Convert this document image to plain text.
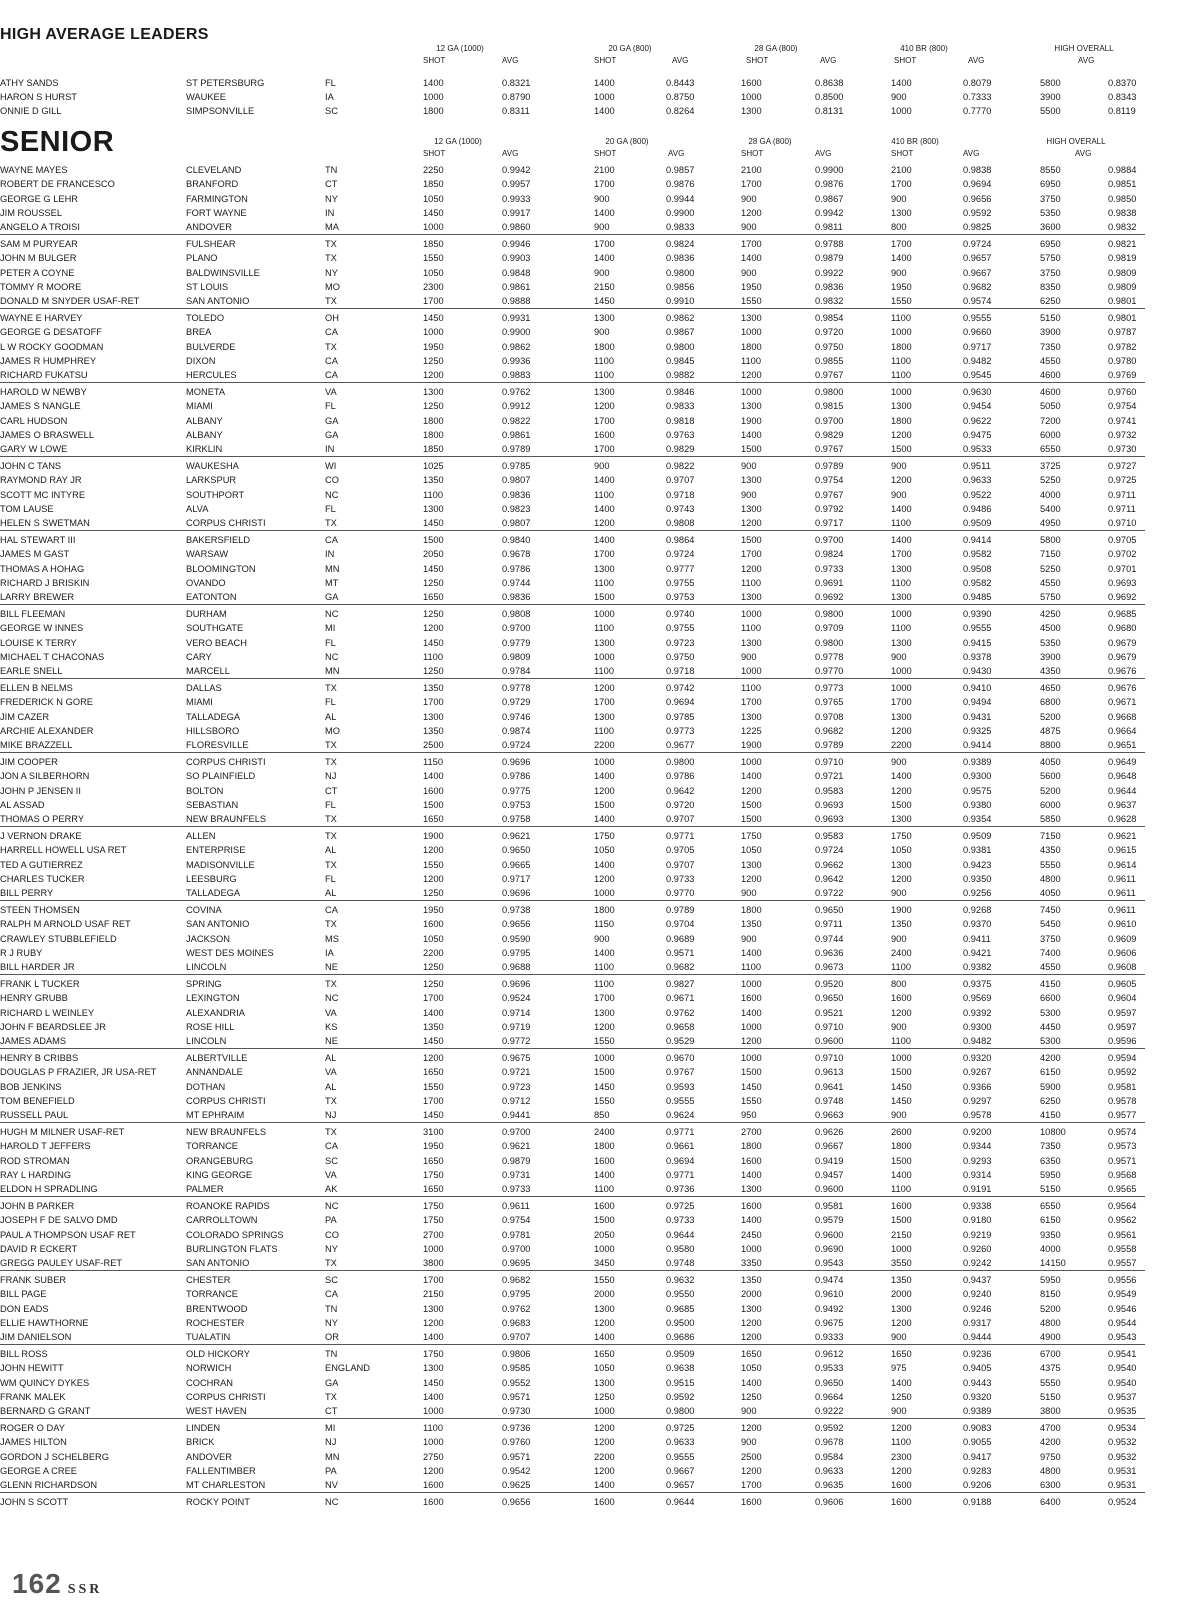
HIGH AVERAGE LEADERS
12 GA (1000)	20 GA (800)	28 GA (800)	410 BR (800)	HIGH OVERALL
SHOT	AVG	SHOT	AVG	SHOT	AVG	SHOT	AVG	AVG
ATHY SANDS	ST PETERSBURG	FL	1400	0.8321	1400	0.8443	1600	0.8638	1400	0.8079	5800	0.8370
HARON S HURST	WAUKEE	IA	1000	0.8790	1000	0.8750	1000	0.8500	900	0.7333	3900	0.8343
ONNIE D GILL	SIMPSONVILLE	SC	1800	0.8311	1400	0.8264	1300	0.8131	1000	0.7770	5500	0.8119
SENIOR	12 GA (1000)	20 GA (800)	28 GA (800)	410 BR (800)	HIGH OVERALL
SHOT	AVG	SHOT	AVG	SHOT	AVG	SHOT	AVG	AVG
WAYNE MAYES	CLEVELAND	TN	2250	0.9942	2100	0.9857	2100	0.9900	2100	0.9838	8550	0.9884
ROBERT DE FRANCESCO	BRANFORD	CT	1850	0.9957	1700	0.9876	1700	0.9876	1700	0.9694	6950	0.9851
GEORGE G LEHR	FARMINGTON	NY	1050	0.9933	900	0.9944	900	0.9867	900	0.9656	3750	0.9850
JIM ROUSSEL	FORT WAYNE	IN	1450	0.9917	1400	0.9900	1200	0.9942	1300	0.9592	5350	0.9838
ANGELO A TROISI	ANDOVER	MA	1000	0.9860	900	0.9833	900	0.9811	800	0.9825	3600	0.9832
SAM M PURYEAR	FULSHEAR	TX	1850	0.9946	1700	0.9824	1700	0.9788	1700	0.9724	6950	0.9821
JOHN M BULGER	PLANO	TX	1550	0.9903	1400	0.9836	1400	0.9879	1400	0.9657	5750	0.9819
PETER A COYNE	BALDWINSVILLE	NY	1050	0.9848	900	0.9800	900	0.9922	900	0.9667	3750	0.9809
TOMMY R MOORE	ST LOUIS	MO	2300	0.9861	2150	0.9856	1950	0.9836	1950	0.9682	8350	0.9809
DONALD M SNYDER USAF-RET	SAN ANTONIO	TX	1700	0.9888	1450	0.9910	1550	0.9832	1550	0.9574	6250	0.9801
WAYNE E HARVEY	TOLEDO	OH	1450	0.9931	1300	0.9862	1300	0.9854	1100	0.9555	5150	0.9801
GEORGE G DESATOFF	BREA	CA	1000	0.9900	900	0.9867	1000	0.9720	1000	0.9660	3900	0.9787
L W ROCKY GOODMAN	BULVERDE	TX	1950	0.9862	1800	0.9800	1800	0.9750	1800	0.9717	7350	0.9782
JAMES R HUMPHREY	DIXON	CA	1250	0.9936	1100	0.9845	1100	0.9855	1100	0.9482	4550	0.9780
RICHARD FUKATSU	HERCULES	CA	1200	0.9883	1100	0.9882	1200	0.9767	1100	0.9545	4600	0.9769
HAROLD W NEWBY	MONETA	VA	1300	0.9762	1300	0.9846	1000	0.9800	1000	0.9630	4600	0.9760
JAMES S NANGLE	MIAMI	FL	1250	0.9912	1200	0.9833	1300	0.9815	1300	0.9454	5050	0.9754
CARL HUDSON	ALBANY	GA	1800	0.9822	1700	0.9818	1900	0.9700	1800	0.9622	7200	0.9741
JAMES O BRASWELL	ALBANY	GA	1800	0.9861	1600	0.9763	1400	0.9829	1200	0.9475	6000	0.9732
GARY W LOWE	KIRKLIN	IN	1850	0.9789	1700	0.9829	1500	0.9767	1500	0.9533	6550	0.9730
JOHN C TANS	WAUKESHA	WI	1025	0.9785	900	0.9822	900	0.9789	900	0.9511	3725	0.9727
RAYMOND RAY JR	LARKSPUR	CO	1350	0.9807	1400	0.9707	1300	0.9754	1200	0.9633	5250	0.9725
SCOTT MC INTYRE	SOUTHPORT	NC	1100	0.9836	1100	0.9718	900	0.9767	900	0.9522	4000	0.9711
TOM LAUSE	ALVA	FL	1300	0.9823	1400	0.9743	1300	0.9792	1400	0.9486	5400	0.9711
HELEN S SWETMAN	CORPUS CHRISTI	TX	1450	0.9807	1200	0.9808	1200	0.9717	1100	0.9509	4950	0.9710
HAL STEWART III	BAKERSFIELD	CA	1500	0.9840	1400	0.9864	1500	0.9700	1400	0.9414	5800	0.9705
JAMES M GAST	WARSAW	IN	2050	0.9678	1700	0.9724	1700	0.9824	1700	0.9582	7150	0.9702
THOMAS A HOHAG	BLOOMINGTON	MN	1450	0.9786	1300	0.9777	1200	0.9733	1300	0.9508	5250	0.9701
RICHARD J BRISKIN	OVANDO	MT	1250	0.9744	1100	0.9755	1100	0.9691	1100	0.9582	4550	0.9693
LARRY BREWER	EATONTON	GA	1650	0.9836	1500	0.9753	1300	0.9692	1300	0.9485	5750	0.9692
BILL FLEEMAN	DURHAM	NC	1250	0.9808	1000	0.9740	1000	0.9800	1000	0.9390	4250	0.9685
GEORGE W INNES	SOUTHGATE	MI	1200	0.9700	1100	0.9755	1100	0.9709	1100	0.9555	4500	0.9680
LOUISE K TERRY	VERO BEACH	FL	1450	0.9779	1300	0.9723	1300	0.9800	1300	0.9415	5350	0.9679
MICHAEL T CHACONAS	CARY	NC	1100	0.9809	1000	0.9750	900	0.9778	900	0.9378	3900	0.9679
EARLE SNELL	MARCELL	MN	1250	0.9784	1100	0.9718	1000	0.9770	1000	0.9430	4350	0.9676
ELLEN B NELMS	DALLAS	TX	1350	0.9778	1200	0.9742	1100	0.9773	1000	0.9410	4650	0.9676
FREDERICK N GORE	MIAMI	FL	1700	0.9729	1700	0.9694	1700	0.9765	1700	0.9494	6800	0.9671
JIM CAZER	TALLADEGA	AL	1300	0.9746	1300	0.9785	1300	0.9708	1300	0.9431	5200	0.9668
ARCHIE ALEXANDER	HILLSBORO	MO	1350	0.9874	1100	0.9773	1225	0.9682	1200	0.9325	4875	0.9664
MIKE BRAZZELL	FLORESVILLE	TX	2500	0.9724	2200	0.9677	1900	0.9789	2200	0.9414	8800	0.9651
JIM COOPER	CORPUS CHRISTI	TX	1150	0.9696	1000	0.9800	1000	0.9710	900	0.9389	4050	0.9649
JON A SILBERHORN	SO PLAINFIELD	NJ	1400	0.9786	1400	0.9786	1400	0.9721	1400	0.9300	5600	0.9648
JOHN P JENSEN II	BOLTON	CT	1600	0.9775	1200	0.9642	1200	0.9583	1200	0.9575	5200	0.9644
AL ASSAD	SEBASTIAN	FL	1500	0.9753	1500	0.9720	1500	0.9693	1500	0.9380	6000	0.9637
THOMAS O PERRY	NEW BRAUNFELS	TX	1650	0.9758	1400	0.9707	1500	0.9693	1300	0.9354	5850	0.9628
J VERNON DRAKE	ALLEN	TX	1900	0.9621	1750	0.9771	1750	0.9583	1750	0.9509	7150	0.9621
HARRELL HOWELL USA RET	ENTERPRISE	AL	1200	0.9650	1050	0.9705	1050	0.9724	1050	0.9381	4350	0.9615
TED A GUTIERREZ	MADISONVILLE	TX	1550	0.9665	1400	0.9707	1300	0.9662	1300	0.9423	5550	0.9614
CHARLES TUCKER	LEESBURG	FL	1200	0.9717	1200	0.9733	1200	0.9642	1200	0.9350	4800	0.9611
BILL PERRY	TALLADEGA	AL	1250	0.9696	1000	0.9770	900	0.9722	900	0.9256	4050	0.9611
STEEN THOMSEN	COVINA	CA	1950	0.9738	1800	0.9789	1800	0.9650	1900	0.9268	7450	0.9611
RALPH M ARNOLD USAF RET	SAN ANTONIO	TX	1600	0.9656	1150	0.9704	1350	0.9711	1350	0.9370	5450	0.9610
CRAWLEY STUBBLEFIELD	JACKSON	MS	1050	0.9590	900	0.9689	900	0.9744	900	0.9411	3750	0.9609
R J RUBY	WEST DES MOINES	IA	2200	0.9795	1400	0.9571	1400	0.9636	2400	0.9421	7400	0.9606
BILL HARDER JR	LINCOLN	NE	1250	0.9688	1100	0.9682	1100	0.9673	1100	0.9382	4550	0.9608
FRANK L TUCKER	SPRING	TX	1250	0.9696	1100	0.9827	1000	0.9520	800	0.9375	4150	0.9605
HENRY GRUBB	LEXINGTON	NC	1700	0.9524	1700	0.9671	1600	0.9650	1600	0.9569	6600	0.9604
RICHARD L WEINLEY	ALEXANDRIA	VA	1400	0.9714	1300	0.9762	1400	0.9521	1200	0.9392	5300	0.9597
JOHN F BEARDSLEE JR	ROSE HILL	KS	1350	0.9719	1200	0.9658	1000	0.9710	900	0.9300	4450	0.9597
JAMES ADAMS	LINCOLN	NE	1450	0.9772	1550	0.9529	1200	0.9600	1100	0.9482	5300	0.9596
HENRY B CRIBBS	ALBERTVILLE	AL	1200	0.9675	1000	0.9670	1000	0.9710	1000	0.9320	4200	0.9594
DOUGLAS P FRAZIER, JR USA-RET	ANNANDALE	VA	1650	0.9721	1500	0.9767	1500	0.9613	1500	0.9267	6150	0.9592
BOB JENKINS	DOTHAN	AL	1550	0.9723	1450	0.9593	1450	0.9641	1450	0.9366	5900	0.9581
TOM BENEFIELD	CORPUS CHRISTI	TX	1700	0.9712	1550	0.9555	1550	0.9748	1450	0.9297	6250	0.9578
RUSSELL PAUL	MT EPHRAIM	NJ	1450	0.9441	850	0.9624	950	0.9663	900	0.9578	4150	0.9577
HUGH M MILNER USAF-RET	NEW BRAUNFELS	TX	3100	0.9700	2400	0.9771	2700	0.9626	2600	0.9200	10800	0.9574
HAROLD T JEFFERS	TORRANCE	CA	1950	0.9621	1800	0.9661	1800	0.9667	1800	0.9344	7350	0.9573
ROD STROMAN	ORANGEBURG	SC	1650	0.9879	1600	0.9694	1600	0.9419	1500	0.9293	6350	0.9571
RAY L HARDING	KING GEORGE	VA	1750	0.9731	1400	0.9771	1400	0.9457	1400	0.9314	5950	0.9568
ELDON H SPRADLING	PALMER	AK	1650	0.9733	1100	0.9736	1300	0.9600	1100	0.9191	5150	0.9565
JOHN B PARKER	ROANOKE RAPIDS	NC	1750	0.9611	1600	0.9725	1600	0.9581	1600	0.9338	6550	0.9564
JOSEPH F DE SALVO DMD	CARROLLTOWN	PA	1750	0.9754	1500	0.9733	1400	0.9579	1500	0.9180	6150	0.9562
PAUL A THOMPSON USAF RET	COLORADO SPRINGS	CO	2700	0.9781	2050	0.9644	2450	0.9600	2150	0.9219	9350	0.9561
DAVID R ECKERT	BURLINGTON FLATS	NY	1000	0.9700	1000	0.9580	1000	0.9690	1000	0.9260	4000	0.9558
GREGG PAULEY USAF-RET	SAN ANTONIO	TX	3800	0.9695	3450	0.9748	3350	0.9543	3550	0.9242	14150	0.9557
FRANK SUBER	CHESTER	SC	1700	0.9682	1550	0.9632	1350	0.9474	1350	0.9437	5950	0.9556
BILL PAGE	TORRANCE	CA	2150	0.9795	2000	0.9550	2000	0.9610	2000	0.9240	8150	0.9549
DON EADS	BRENTWOOD	TN	1300	0.9762	1300	0.9685	1300	0.9492	1300	0.9246	5200	0.9546
ELLIE HAWTHORNE	ROCHESTER	NY	1200	0.9683	1200	0.9500	1200	0.9675	1200	0.9317	4800	0.9544
JIM DANIELSON	TUALATIN	OR	1400	0.9707	1400	0.9686	1200	0.9333	900	0.9444	4900	0.9543
BILL ROSS	OLD HICKORY	TN	1750	0.9806	1650	0.9509	1650	0.9612	1650	0.9236	6700	0.9541
JOHN HEWITT	NORWICH	ENGLAND	1300	0.9585	1050	0.9638	1050	0.9533	975	0.9405	4375	0.9540
WM QUINCY DYKES	COCHRAN	GA	1450	0.9552	1300	0.9515	1400	0.9650	1400	0.9443	5550	0.9540
FRANK MALEK	CORPUS CHRISTI	TX	1400	0.9571	1250	0.9592	1250	0.9664	1250	0.9320	5150	0.9537
BERNARD G GRANT	WEST HAVEN	CT	1000	0.9730	1000	0.9800	900	0.9222	900	0.9389	3800	0.9535
ROGER O DAY	LINDEN	MI	1100	0.9736	1200	0.9725	1200	0.9592	1200	0.9083	4700	0.9534
JAMES HILTON	BRICK	NJ	1000	0.9760	1200	0.9633	900	0.9678	1100	0.9055	4200	0.9532
GORDON J SCHELBERG	ANDOVER	MN	2750	0.9571	2200	0.9555	2500	0.9584	2300	0.9417	9750	0.9532
GEORGE A CREE	FALLENTIMBER	PA	1200	0.9542	1200	0.9667	1200	0.9633	1200	0.9283	4800	0.9531
GLENN RICHARDSON	MT CHARLESTON	NV	1600	0.9625	1400	0.9657	1700	0.9635	1600	0.9206	6300	0.9531
JOHN S SCOTT	ROCKY POINT	NC	1600	0.9656	1600	0.9644	1600	0.9606	1600	0.9188	6400	0.9524
162 SSR
